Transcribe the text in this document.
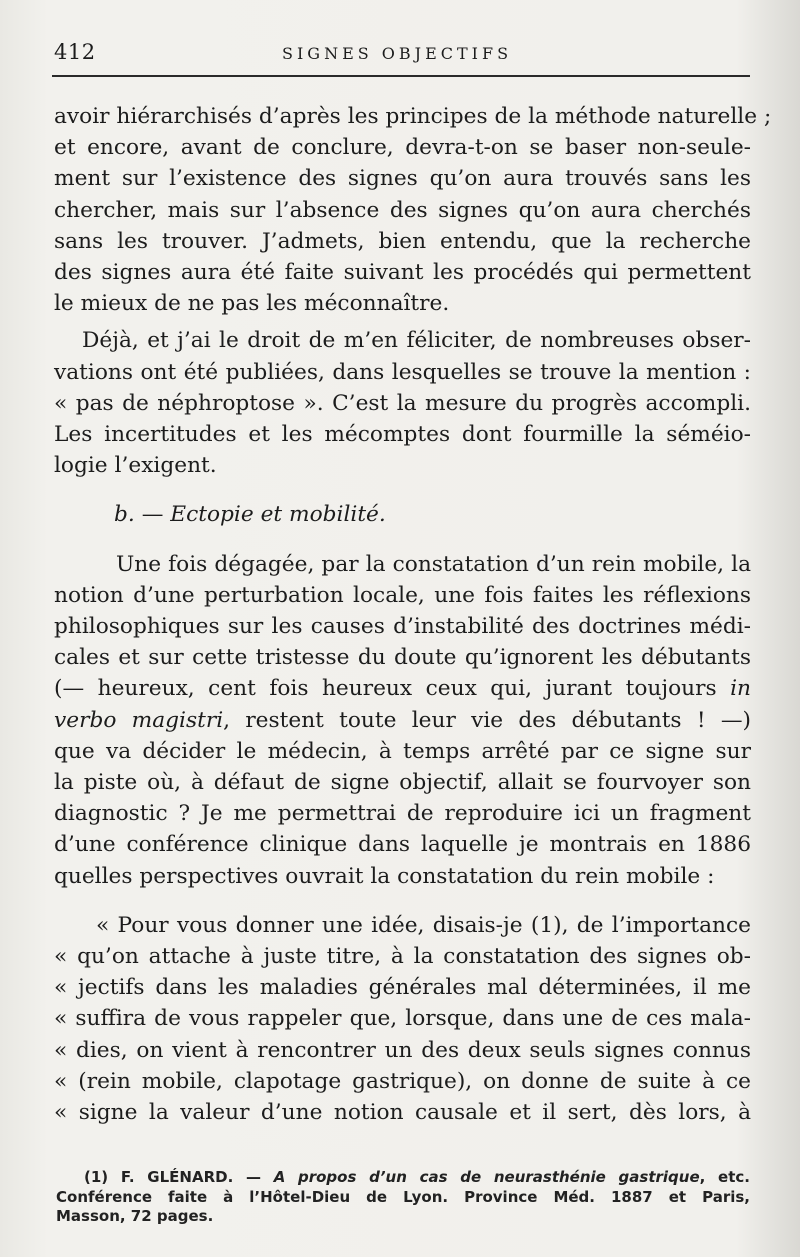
412	SIGNES OBJECTIFS
avoir hiérarchisés d’après les principes de la méthode naturelle ;
et encore, avant de conclure, devra-t-on se baser non-seule-
ment sur l’existence des signes qu’on aura trouvés sans les
chercher, mais sur l’absence des signes qu’on aura cherchés
sans les trouver. J’admets, bien entendu, que la recherche
des signes aura été faite suivant les procédés qui permettent
le mieux de ne pas les méconnaître.
Déjà, et j’ai le droit de m’en féliciter, de nombreuses obser-
vations ont été publiées, dans lesquelles se trouve la mention :
« pas de néphroptose ». C’est la mesure du progrès accompli.
Les incertitudes et les mécomptes dont fourmille la séméio-
logie l’exigent.
b. — Ectopie et mobilité.
Une fois dégagée, par la constatation d’un rein mobile, la
notion d’une perturbation locale, une fois faites les réflexions
philosophiques sur les causes d’instabilité des doctrines médi-
cales et sur cette tristesse du doute qu’ignorent les débutants
(— heureux, cent fois heureux ceux qui, jurant toujours in
verbo magistri, restent toute leur vie des débutants ! —)
que va décider le médecin, à temps arrêté par ce signe sur
la piste où, à défaut de signe objectif, allait se fourvoyer son
diagnostic ? Je me permettrai de reproduire ici un fragment
d’une conférence clinique dans laquelle je montrais en 1886
quelles perspectives ouvrait la constatation du rein mobile :
« Pour vous donner une idée, disais-je (1), de l’importance
« qu’on attache à juste titre, à la constatation des signes ob-
« jectifs dans les maladies générales mal déterminées, il me
« suffira de vous rappeler que, lorsque, dans une de ces mala-
« dies, on vient à rencontrer un des deux seuls signes connus
« (rein mobile, clapotage gastrique), on donne de suite à ce
« signe la valeur d’une notion causale et il sert, dès lors, à
(1) F. GLÉNARD. — A propos d’un cas de neurasthénie gastrique, etc.
Conférence faite à l’Hôtel-Dieu de Lyon. Province Méd. 1887 et Paris,
Masson, 72 pages.
